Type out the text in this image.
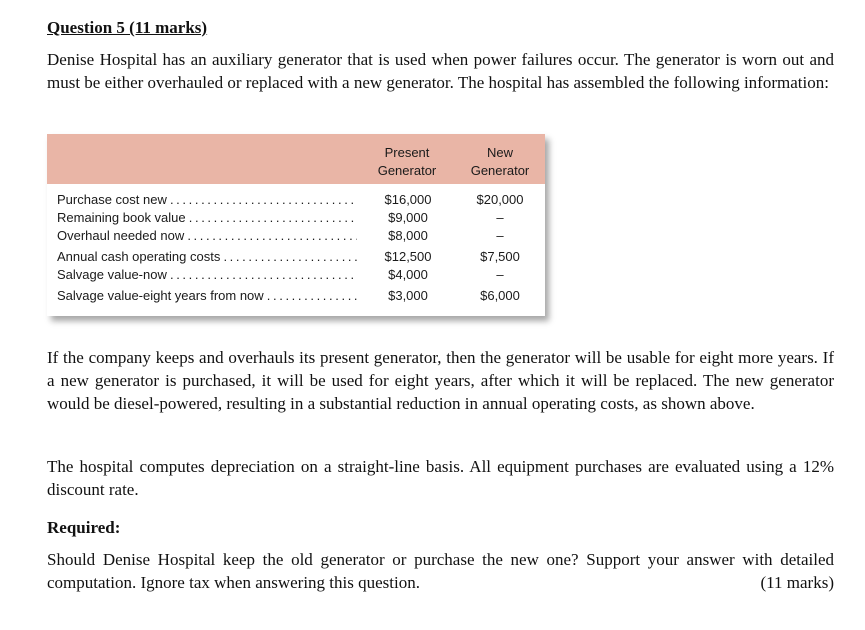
Question 5 (11 marks)
Denise Hospital has an auxiliary generator that is used when power failures occur. The generator is worn out and must be either overhauled or replaced with a new generator. The hospital has assembled the following information:
Present
Generator
New
Generator
Purchase cost new . . .	$16,000	$20,000
Remaining book value . . .	$9,000	–
Overhaul needed now . . .	$8,000	–
Annual cash operating costs . . .	$12,500	$7,500
Salvage value-now . . .	$4,000	–
Salvage value-eight years from now . . .	$3,000	$6,000
If the company keeps and overhauls its present generator, then the generator will be usable for eight more years. If a new generator is purchased, it will be used for eight years, after which it will be replaced. The new generator would be diesel-powered, resulting in a substantial reduction in annual operating costs, as shown above.
The hospital computes depreciation on a straight-line basis. All equipment purchases are evaluated using a 12% discount rate.
Required:
Should Denise Hospital keep the old generator or purchase the new one? Support your answer with detailed computation. Ignore tax when answering this question.	(11 marks)
